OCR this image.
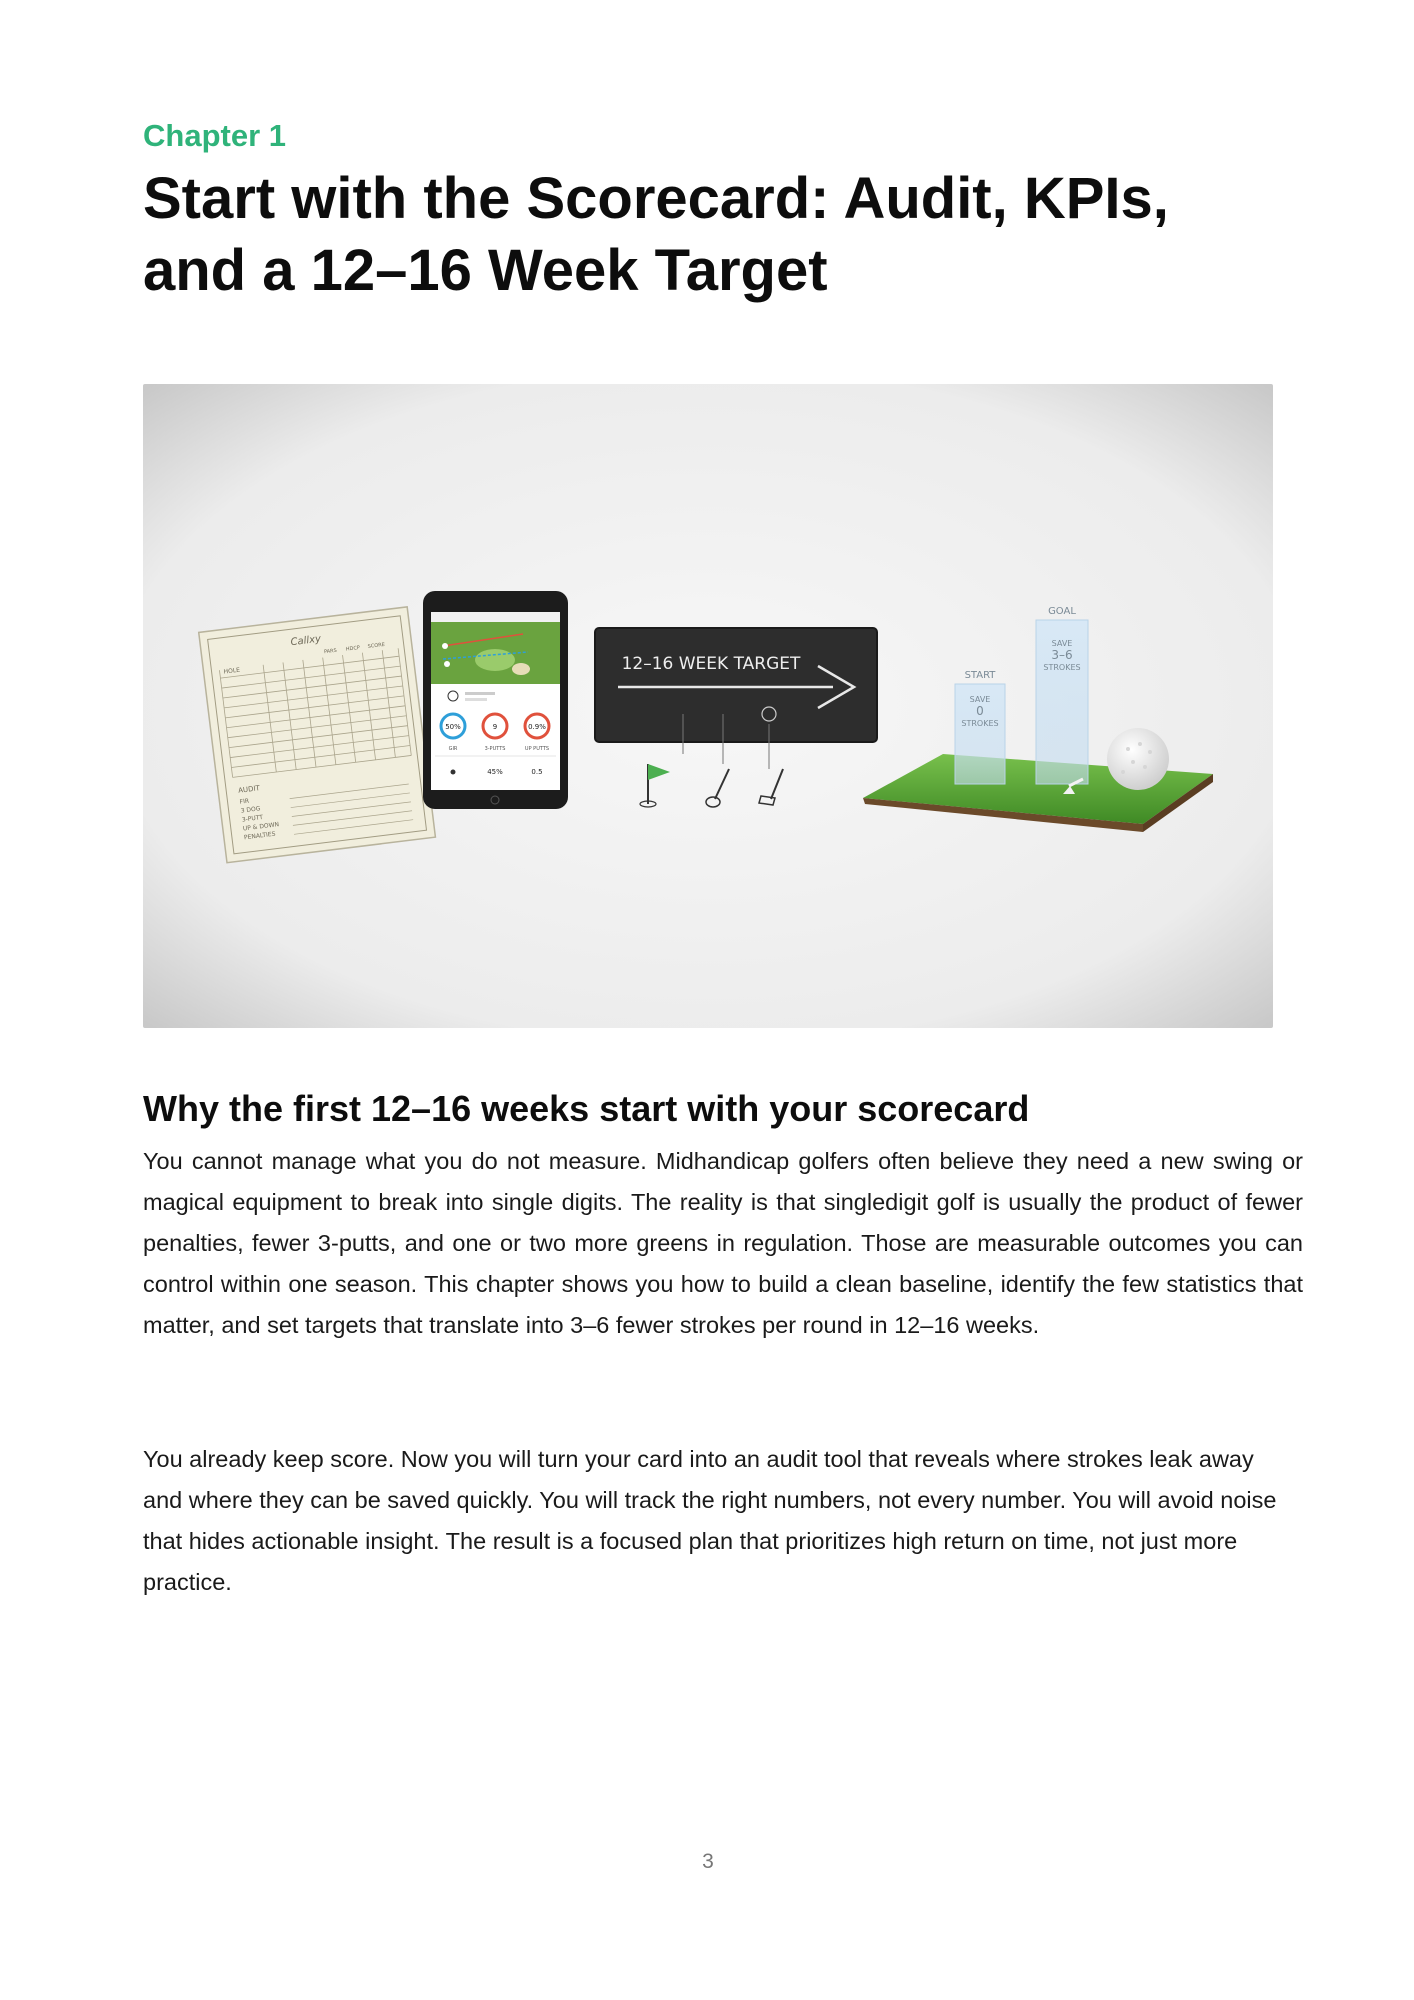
Chapter 1

Start with the Scorecard: Audit, KPIs, and a 12–16 Week Target
Callxy
HOLE
PARS HDCP SCORE
AUDIT
FIR
3 DOG
3-PUTT
UP & DOWN
PENALTIES
50%
GIR
9
3-PUTTS
0.9%
UP PUTTS
45%	0.5
12–16 WEEK TARGET
START
SAVE
0
STROKES
GOAL
SAVE
3–6
STROKES
Why the first 12–16 weeks start with your scorecard

You cannot manage what you do not measure. Midhandicap golfers often believe they need a new swing or magical equipment to break into single digits. The reality is that singledigit golf is usually the product of fewer penalties, fewer 3-putts, and one or two more greens in regulation. Those are measurable outcomes you can control within one season. This chapter shows you how to build a clean baseline, identify the few statistics that matter, and set targets that translate into 3–6 fewer strokes per round in 12–16 weeks.

You already keep score. Now you will turn your card into an audit tool that reveals where strokes leak away and where they can be saved quickly. You will track the right numbers, not every number. You will avoid noise that hides actionable insight. The result is a focused plan that prioritizes high return on time, not just more practice.

3
